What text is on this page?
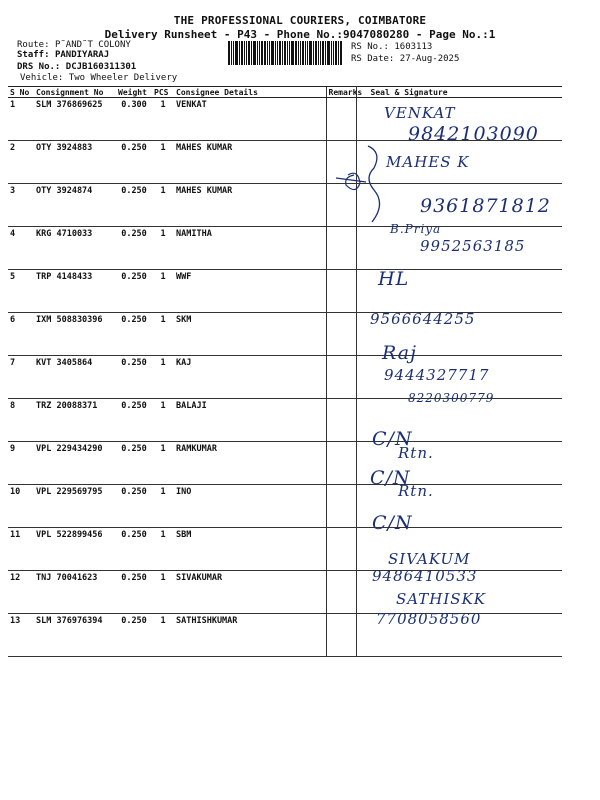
THE PROFESSIONAL COURIERS, COIMBATORE
Delivery Runsheet - P43 - Phone No.:9047080280 - Page No.:1
Route: P˜AND˜T COLONY
Staff: PANDIYARAJ
DRS No.: DCJB160311301
Vehicle: Two Wheeler Delivery
RS No.: 1603113
RS Date: 27-Aug-2025
S No	Consignment No	Weight	PCS	Consignee Details	Remarks	Seal & Signature
1	SLM 376869625	0.300	1	VENKAT		
2	OTY 3924883	0.250	1	MAHES KUMAR		
3	OTY 3924874	0.250	1	MAHES KUMAR		
4	KRG 4710033	0.250	1	NAMITHA		
5	TRP 4148433	0.250	1	WWF		
6	IXM 508830396	0.250	1	SKM		
7	KVT 3405864	0.250	1	KAJ		
8	TRZ 20088371	0.250	1	BALAJI		
9	VPL 229434290	0.250	1	RAMKUMAR		
10	VPL 229569795	0.250	1	INO		
11	VPL 522899456	0.250	1	SBM		
12	TNJ 70041623	0.250	1	SIVAKUMAR		
13	SLM 376976394	0.250	1	SATHISHKUMAR		
VENKAT
9842103090
MAHES K
9361871812
B.Priya
9952563185
HL
9566644255
Raj
9444327717
8220300779
C/N
Rtn.
C/N
Rtn.
C/N
SIVAKUM
9486410533
SATHISKK
7708058560
